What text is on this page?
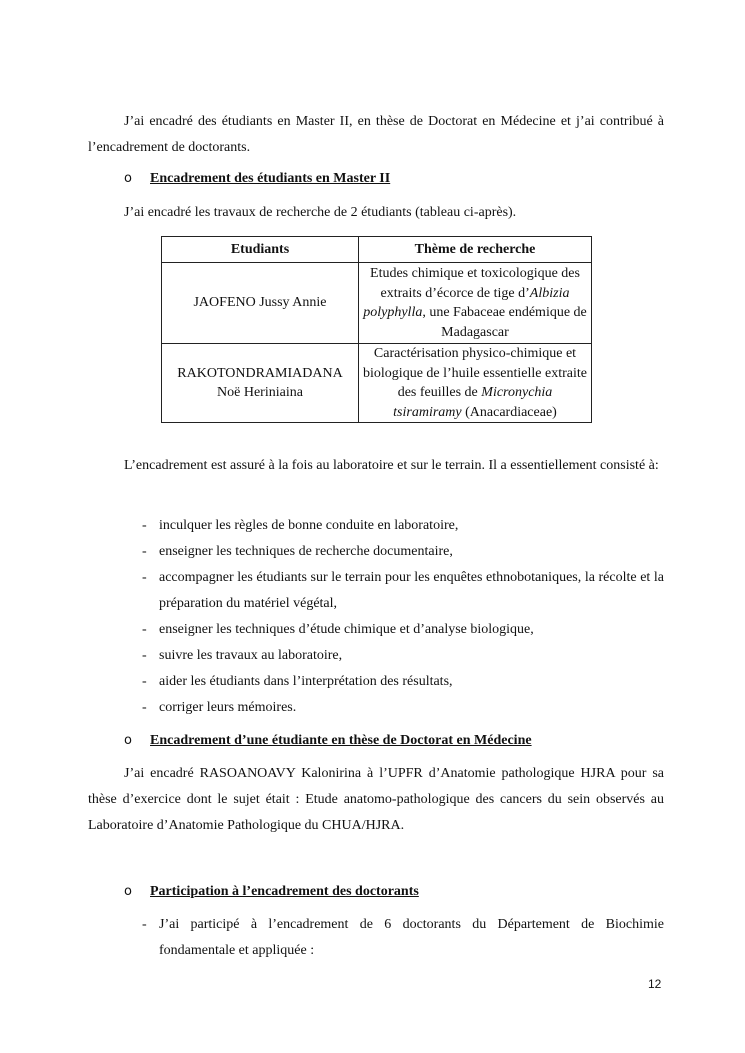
J’ai encadré des étudiants en Master II, en thèse de Doctorat en Médecine et j’ai contribué à l’encadrement de doctorants.

o Encadrement des étudiants en Master II

J’ai encadré les travaux de recherche de 2 étudiants (tableau ci-après).

Etudiants	Thème de recherche
JAOFENO Jussy Annie	Etudes chimique et toxicologique des extraits d’écorce de tige d’Albizia polyphylla, une Fabaceae endémique de Madagascar
RAKOTONDRAMIADANA
Noë Heriniaina	Caractérisation physico-chimique et biologique de l’huile essentielle extraite des feuilles de Micronychia tsiramiramy (Anacardiaceae)

L’encadrement est assuré à la fois au laboratoire et sur le terrain. Il a essentiellement consisté à:

- inculquer les règles de bonne conduite en laboratoire,
- enseigner les techniques de recherche documentaire,
- accompagner les étudiants sur le terrain pour les enquêtes ethnobotaniques, la récolte et la préparation du matériel végétal,
- enseigner les techniques d’étude chimique et d’analyse biologique,
- suivre les travaux au laboratoire,
- aider les étudiants dans l’interprétation des résultats,
- corriger leurs mémoires.
o Encadrement d’une étudiante en thèse de Doctorat en Médecine

J’ai encadré RASOANOAVY Kalonirina à l’UPFR d’Anatomie pathologique HJRA pour sa thèse d’exercice dont le sujet était : Etude anatomo-pathologique des cancers du sein observés au Laboratoire d’Anatomie Pathologique du CHUA/HJRA.

o Participation à l’encadrement des doctorants
- J’ai participé à l’encadrement de 6 doctorants du Département de Biochimie fondamentale et appliquée :
12
